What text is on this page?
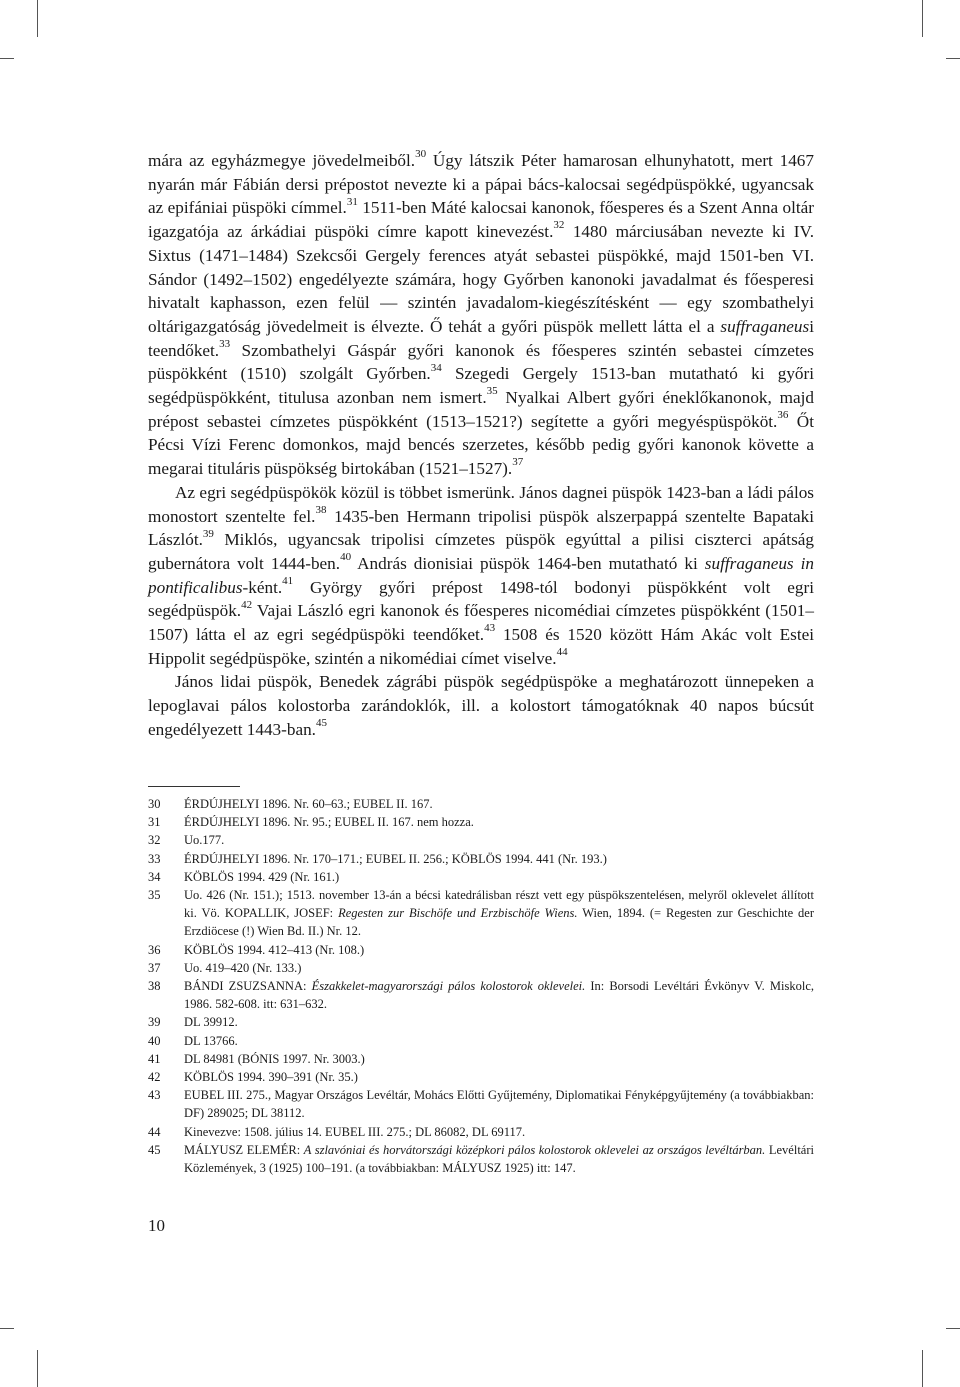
mára az egyházmegye jövedelmeiből.$^{30}$ Úgy látszik Péter hamarosan elhunyhatott, mert 1467 nyarán már Fábián dersi prépostot nevezte ki a pápai bács-kalocsai segédpüspökké, ugyancsak az epifániai püspöki címmel.$^{31}$ 1511-ben Máté kalocsai kanonok, főesperes és a Szent Anna oltár igazgatója az árkádiai püspöki címre kapott kinevezést.$^{32}$ 1480 márciusában nevezte ki IV. Sixtus (1471–1484) Szekcsői Gergely ferences atyát sebastei püspökké, majd 1501-ben VI. Sándor (1492–1502) engedélyezte számára, hogy Győrben kanonoki javadalmat és főesperesi hivatalt kaphasson, ezen felül — szintén javadalom-kiegészítésként — egy szombathelyi oltárigazgatóság jövedelmeit is élvezte. Ő tehát a győri püspök mellett látta el a suffraganeusi teendőket.$^{33}$ Szombathelyi Gáspár győri kanonok és főesperes szintén sebastei címzetes püspökként (1510) szolgált Győrben.$^{34}$ Szegedi Gergely 1513-ban mutatható ki győri segédpüspökként, titulusa azonban nem ismert.$^{35}$ Nyalkai Albert győri éneklőkanonok, majd prépost sebastei címzetes püspökként (1513–1521?) segítette a győri megyéspüspököt.$^{36}$ Őt Pécsi Vízi Ferenc domonkos, majd bencés szerzetes, később pedig győri kanonok követte a megarai tituláris püspökség birtokában (1521–1527).$^{37}$

Az egri segédpüspökök közül is többet ismerünk. János dagnei püspök 1423-ban a ládi pálos monostort szentelte fel.$^{38}$ 1435-ben Hermann tripolisi püspök alszerpappá szentelte Bapataki Lászlót.$^{39}$ Miklós, ugyancsak tripolisi címzetes püspök egyúttal a pilisi ciszterci apátság gubernátora volt 1444-ben.$^{40}$ András dionisiai püspök 1464-ben mutatható ki suffraganeus in pontificalibus-ként.$^{41}$ György győri prépost 1498-tól bodonyi püspökként volt egri segédpüspök.$^{42}$ Vajai László egri kanonok és főesperes nicomédiai címzetes püspökként (1501–1507) látta el az egri segédpüspöki teendőket.$^{43}$ 1508 és 1520 között Hám Akác volt Estei Hippolit segédpüspöke, szintén a nikomédiai címet viselve.$^{44}$

János lidai püspök, Benedek zágrábi püspök segédpüspöke a meghatározott ünnepeken a lepoglavai pálos kolostorba zarándoklók, ill. a kolostort támogatóknak 40 napos búcsút engedélyezett 1443-ban.$^{45}$

30	ÉRDÚJHELYI 1896. Nr. 60–63.; EUBEL II. 167.
31	ÉRDÚJHELYI 1896. Nr. 95.; EUBEL II. 167. nem hozza.
32	Uo.177.
33	ÉRDÚJHELYI 1896. Nr. 170–171.; EUBEL II. 256.; KÖBLÖS 1994. 441 (Nr. 193.)
34	KÖBLÖS 1994. 429 (Nr. 161.)
35	Uo. 426 (Nr. 151.); 1513. november 13-án a bécsi katedrálisban részt vett egy püspökszentelésen, melyről oklevelet állított ki. Vö. KOPALLIK, JOSEF: Regesten zur Bischöfe und Erzbischöfe Wiens. Wien, 1894. (= Regesten zur Geschichte der Erzdiöcese (!) Wien Bd. II.) Nr. 12.
36	KÖBLÖS 1994. 412–413 (Nr. 108.)
37	Uo. 419–420 (Nr. 133.)
38	BÁNDI ZSUZSANNA: Északkelet-magyarországi pálos kolostorok oklevelei. In: Borsodi Levéltári Évkönyv V. Miskolc, 1986. 582-608. itt: 631–632.
39	DL 39912.
40	DL 13766.
41	DL 84981 (BÓNIS 1997. Nr. 3003.)
42	KÖBLÖS 1994. 390–391 (Nr. 35.)
43	EUBEL III. 275., Magyar Országos Levéltár, Mohács Előtti Gyűjtemény, Diplomatikai Fényképgyűjtemény (a továbbiakban: DF) 289025; DL 38112.
44	Kinevezve: 1508. július 14. EUBEL III. 275.; DL 86082, DL 69117.
45	MÁLYUSZ ELEMÉR: A szlavóniai és horvátországi középkori pálos kolostorok oklevelei az országos levéltárban. Levéltári Közlemények, 3 (1925) 100–191. (a továbbiakban: MÁLYUSZ 1925) itt: 147.
10
